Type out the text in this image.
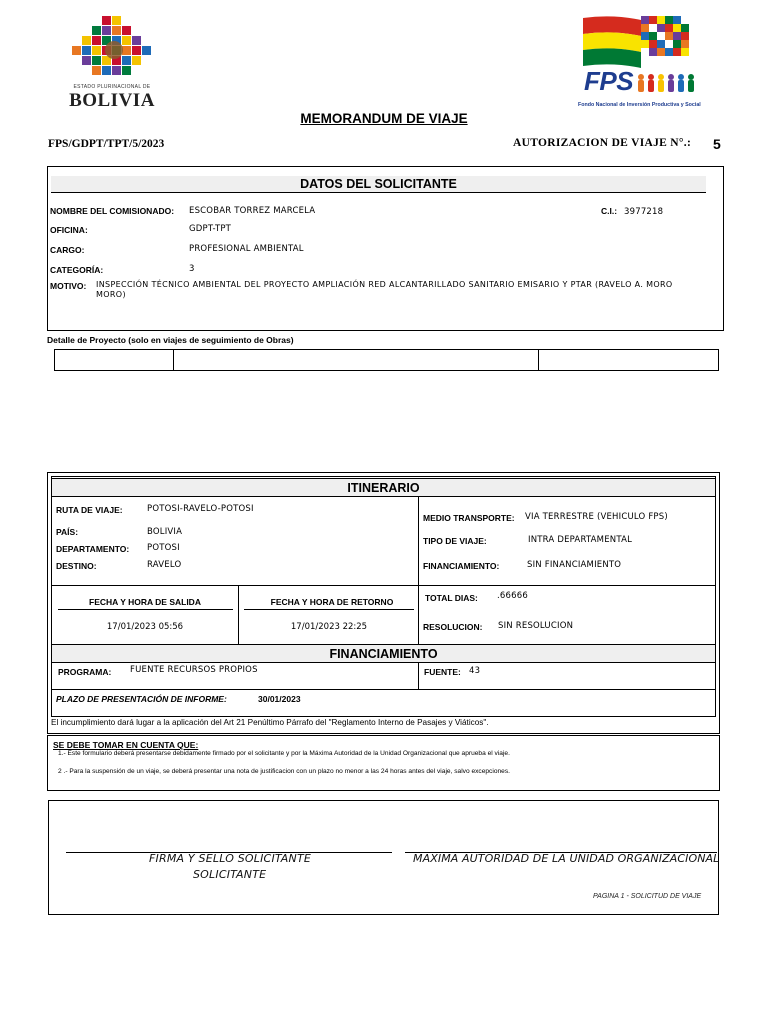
ESTADO PLURINACIONAL DE
BOLIVIA
FPS
Fondo Nacional de Inversión Productiva y Social
MEMORANDUM DE VIAJE
FPS/GDPT/TPT/5/2023	AUTORIZACION DE VIAJE N°.: 5
DATOS DEL SOLICITANTE
NOMBRE DEL COMISIONADO: ESCOBAR TORREZ MARCELA	C.I.: 3977218
OFICINA:	GDPT-TPT
CARGO:	PROFESIONAL AMBIENTAL
CATEGORÍA:	3
MOTIVO: INSPECCIÓN TÉCNICO AMBIENTAL DEL PROYECTO AMPLIACIÓN RED ALCANTARILLADO SANITARIO EMISARIO Y PTAR (RAVELO A. MORO
MORO)
Detalle de Proyecto (solo en viajes de seguimiento de Obras)
ITINERARIO
RUTA DE VIAJE:	POTOSI-RAVELO-POTOSI
PAÍS:	BOLIVIA
DEPARTAMENTO: POTOSI
DESTINO:	RAVELO
MEDIO TRANSPORTE: VIA TERRESTRE (VEHICULO FPS)
TIPO DE VIAJE:	INTRA DEPARTAMENTAL
FINANCIAMIENTO:	SIN FINANCIAMIENTO
FECHA Y HORA DE SALIDA
17/01/2023 05:56
FECHA Y HORA DE RETORNO
17/01/2023 22:25
TOTAL DIAS: .66666
RESOLUCION: SIN RESOLUCION
FINANCIAMIENTO
PROGRAMA: FUENTE RECURSOS PROPIOS	FUENTE: 43
PLAZO DE PRESENTACIÓN DE INFORME:	30/01/2023
El incumplimiento dará lugar a la aplicación del Art 21 Penúltimo Párrafo del "Reglamento Interno de Pasajes y Viáticos".
SE DEBE TOMAR EN CUENTA QUE:
1.- Este formulario deberá presentarse debidamente firmado por el solicitante y por la Máxima Autoridad de la Unidad Organizacional que aprueba el viaje.
2 .- Para la suspensión de un viaje, se deberá presentar una nota de justificacion con un plazo no menor a las 24 horas antes del viaje, salvo excepciones.
FIRMA Y SELLO SOLICITANTE
SOLICITANTE
MAXIMA AUTORIDAD DE LA UNIDAD ORGANIZACIONAL
PAGINA 1 - SOLICITUD DE VIAJE
